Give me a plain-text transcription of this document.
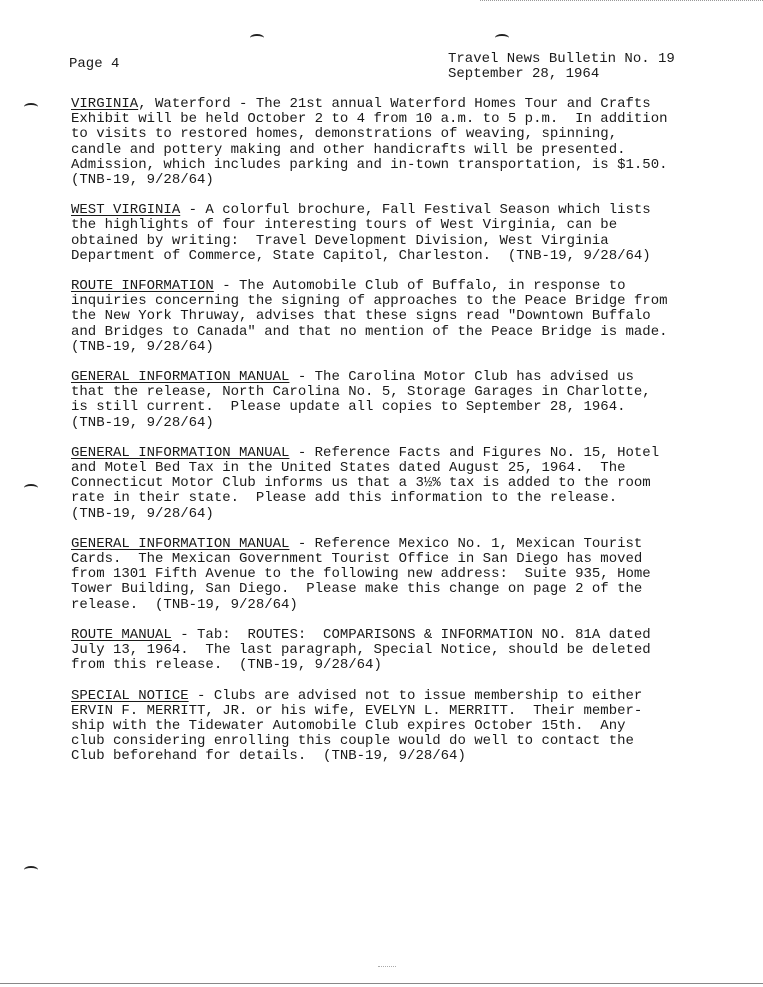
Page 4	Travel News Bulletin No. 19
September 28, 1964
VIRGINIA, Waterford - The 21st annual Waterford Homes Tour and Crafts
Exhibit will be held October 2 to 4 from 10 a.m. to 5 p.m.  In addition
to visits to restored homes, demonstrations of weaving, spinning,
candle and pottery making and other handicrafts will be presented.
Admission, which includes parking and in-town transportation, is $1.50.
(TNB-19, 9/28/64)
WEST VIRGINIA - A colorful brochure, Fall Festival Season which lists
the highlights of four interesting tours of West Virginia, can be
obtained by writing:  Travel Development Division, West Virginia
Department of Commerce, State Capitol, Charleston.  (TNB-19, 9/28/64)
ROUTE INFORMATION - The Automobile Club of Buffalo, in response to
inquiries concerning the signing of approaches to the Peace Bridge from
the New York Thruway, advises that these signs read "Downtown Buffalo
and Bridges to Canada" and that no mention of the Peace Bridge is made.
(TNB-19, 9/28/64)
GENERAL INFORMATION MANUAL - The Carolina Motor Club has advised us
that the release, North Carolina No. 5, Storage Garages in Charlotte,
is still current.  Please update all copies to September 28, 1964.
(TNB-19, 9/28/64)
GENERAL INFORMATION MANUAL - Reference Facts and Figures No. 15, Hotel
and Motel Bed Tax in the United States dated August 25, 1964.  The
Connecticut Motor Club informs us that a 3½% tax is added to the room
rate in their state.  Please add this information to the release.
(TNB-19, 9/28/64)
GENERAL INFORMATION MANUAL - Reference Mexico No. 1, Mexican Tourist
Cards.  The Mexican Government Tourist Office in San Diego has moved
from 1301 Fifth Avenue to the following new address:  Suite 935, Home
Tower Building, San Diego.  Please make this change on page 2 of the
release.  (TNB-19, 9/28/64)
ROUTE MANUAL - Tab:  ROUTES:  COMPARISONS & INFORMATION NO. 81A dated
July 13, 1964.  The last paragraph, Special Notice, should be deleted
from this release.  (TNB-19, 9/28/64)
SPECIAL NOTICE - Clubs are advised not to issue membership to either
ERVIN F. MERRITT, JR. or his wife, EVELYN L. MERRITT.  Their member-
ship with the Tidewater Automobile Club expires October 15th.  Any
club considering enrolling this couple would do well to contact the
Club beforehand for details.  (TNB-19, 9/28/64)
